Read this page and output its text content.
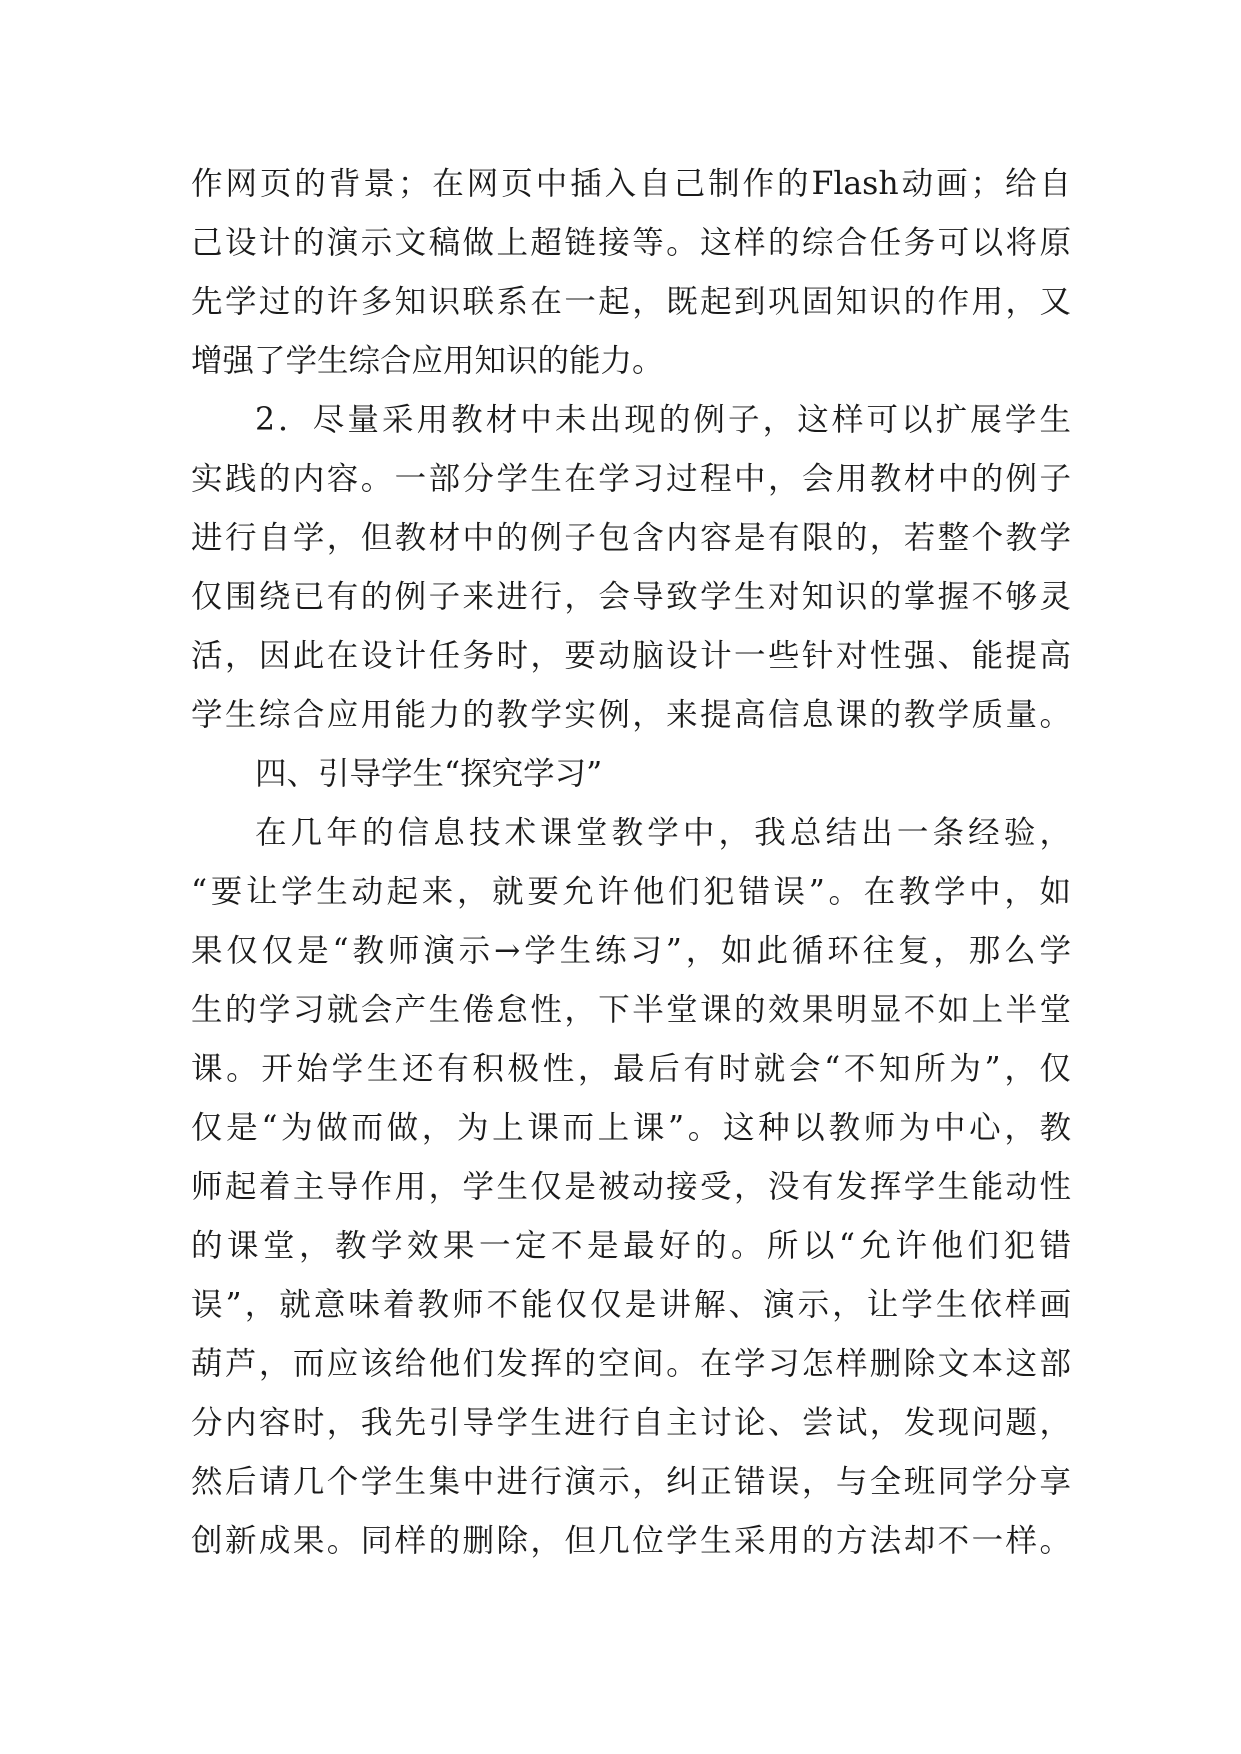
作网页的背景；在网页中插入自己制作的Flash动画；给自
己设计的演示文稿做上超链接等。这样的综合任务可以将原
先学过的许多知识联系在一起，既起到巩固知识的作用，又
增强了学生综合应用知识的能力。
2．尽量采用教材中未出现的例子，这样可以扩展学生
实践的内容。一部分学生在学习过程中，会用教材中的例子
进行自学，但教材中的例子包含内容是有限的，若整个教学
仅围绕已有的例子来进行，会导致学生对知识的掌握不够灵
活，因此在设计任务时，要动脑设计一些针对性强、能提高
学生综合应用能力的教学实例，来提高信息课的教学质量。
四、引导学生“探究学习”
在几年的信息技术课堂教学中，我总结出一条经验，
“要让学生动起来，就要允许他们犯错误”。在教学中，如
果仅仅是“教师演示→学生练习”，如此循环往复，那么学
生的学习就会产生倦怠性，下半堂课的效果明显不如上半堂
课。开始学生还有积极性，最后有时就会“不知所为”，仅
仅是“为做而做，为上课而上课”。这种以教师为中心，教
师起着主导作用，学生仅是被动接受，没有发挥学生能动性
的课堂，教学效果一定不是最好的。所以“允许他们犯错
误”，就意味着教师不能仅仅是讲解、演示，让学生依样画
葫芦，而应该给他们发挥的空间。在学习怎样删除文本这部
分内容时，我先引导学生进行自主讨论、尝试，发现问题，
然后请几个学生集中进行演示，纠正错误，与全班同学分享
创新成果。同样的删除，但几位学生采用的方法却不一样。
